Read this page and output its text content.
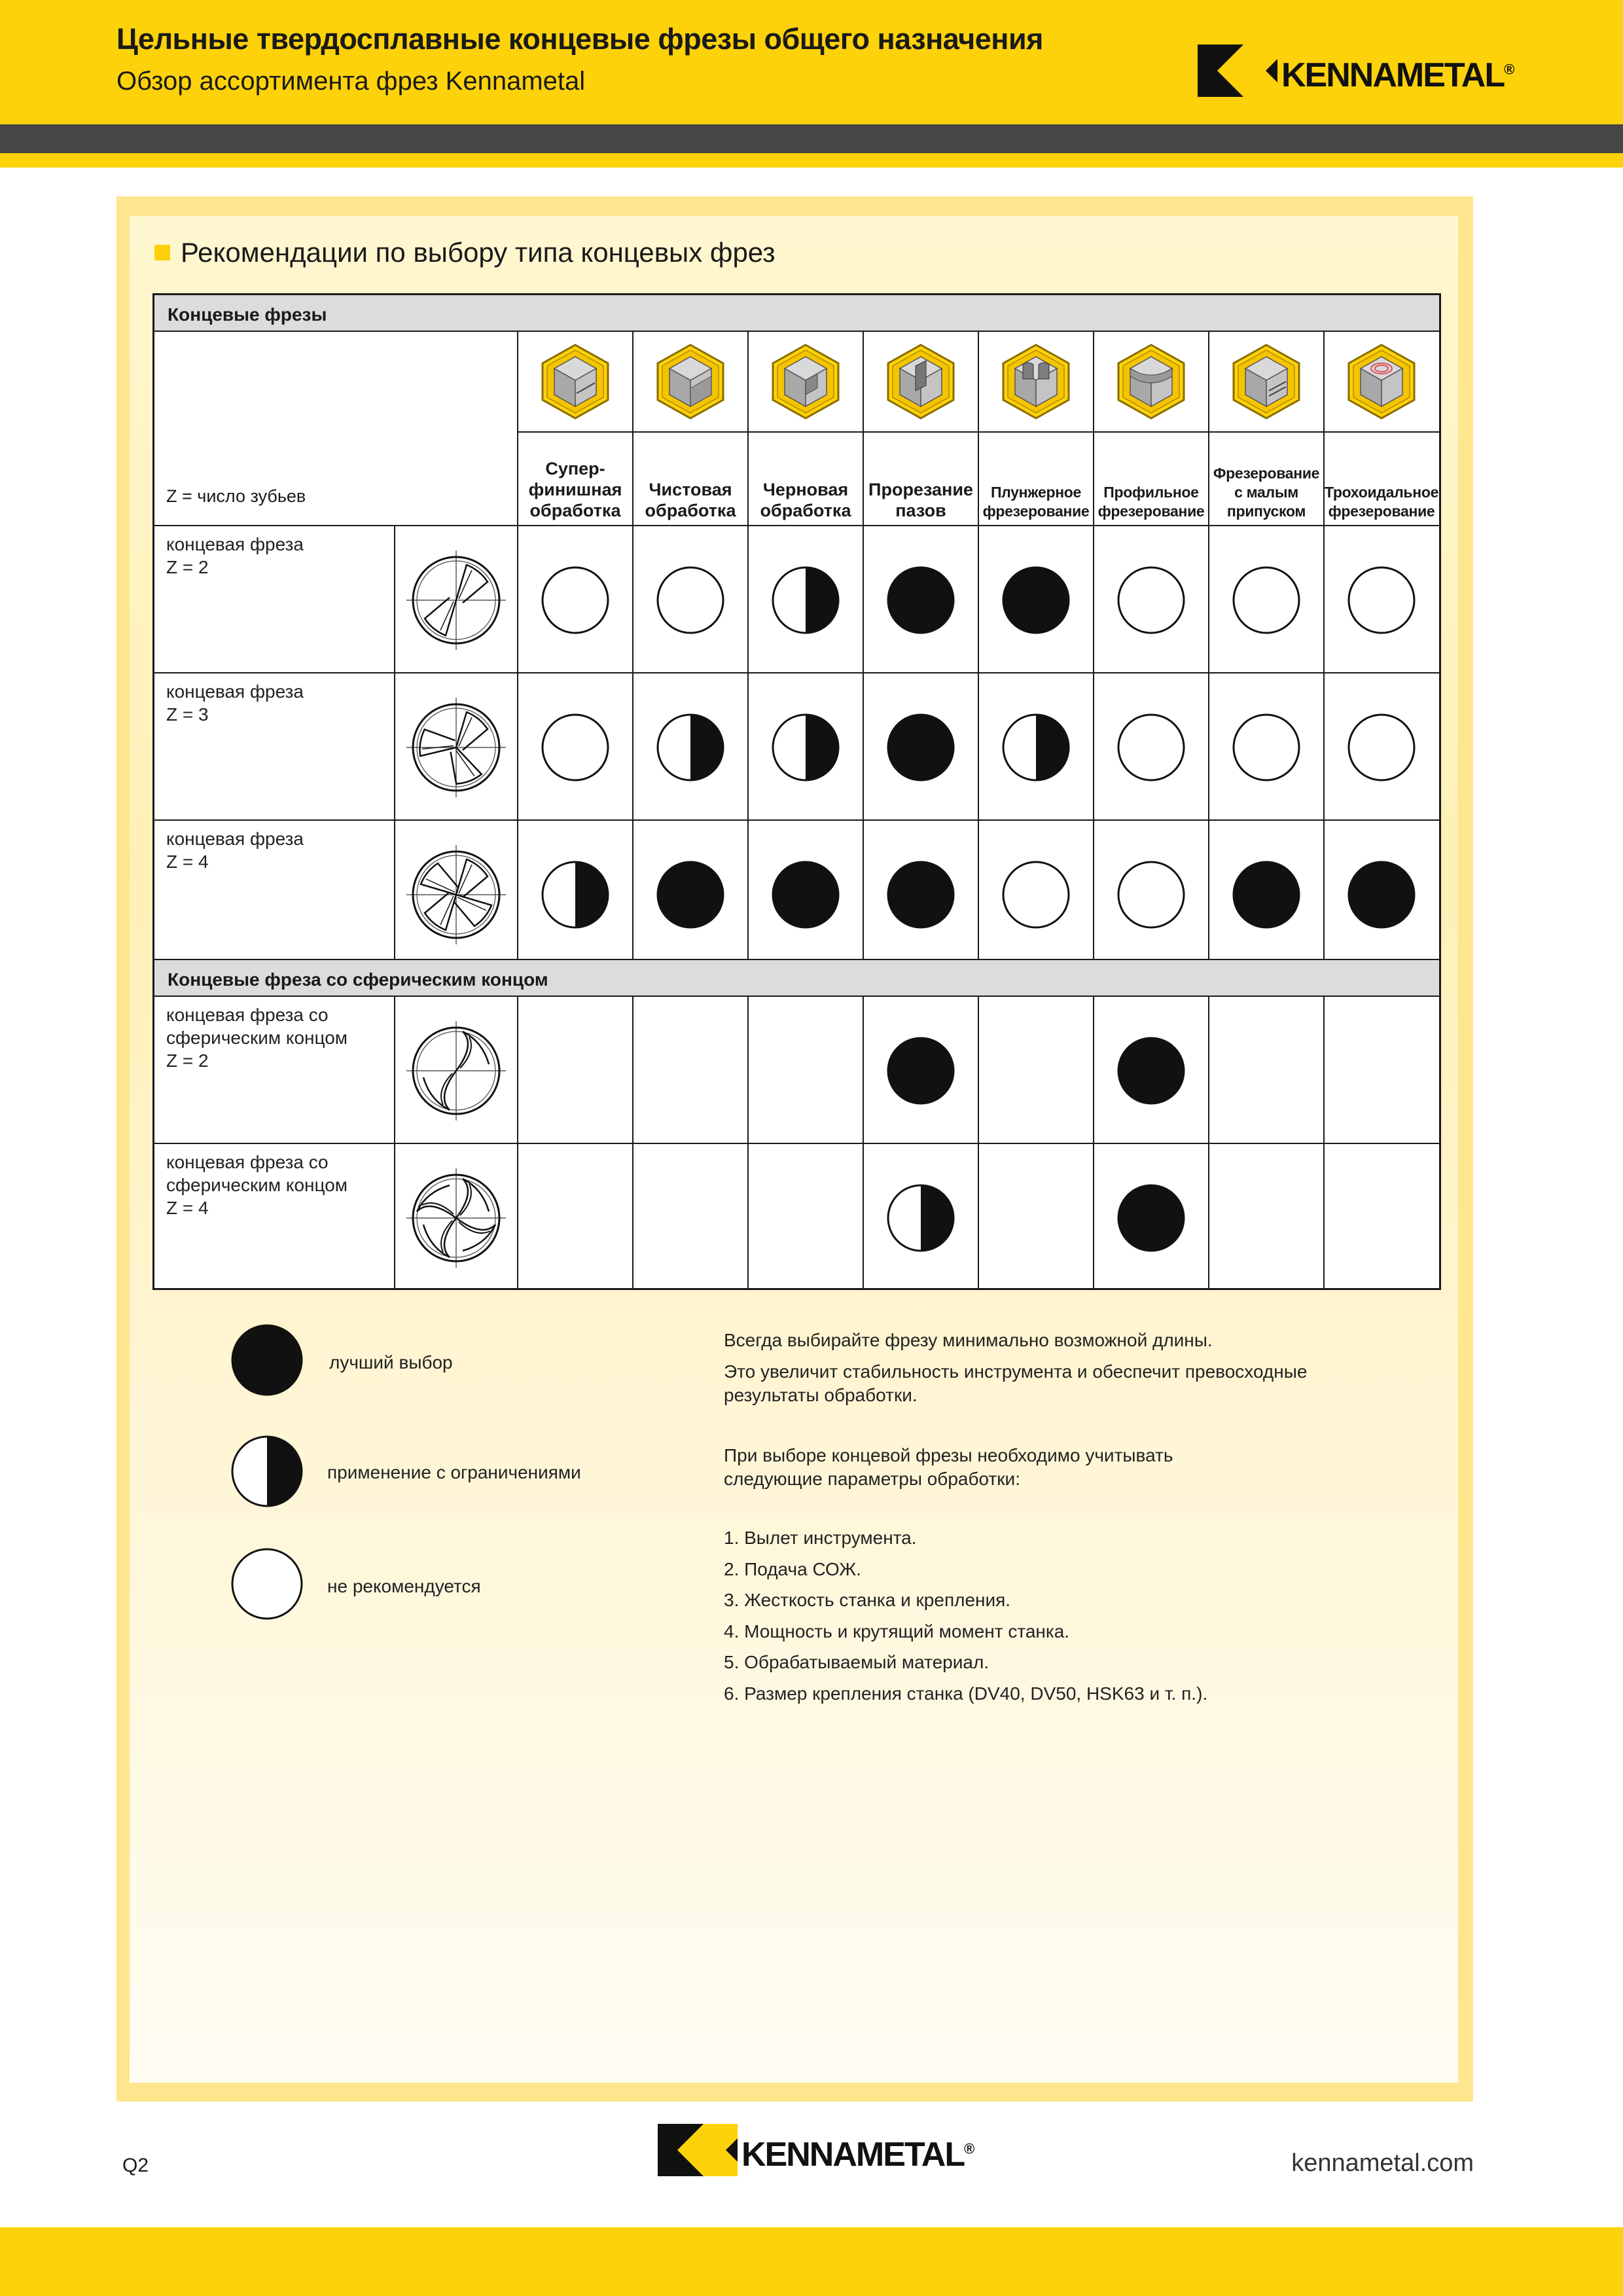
Цельные твердосплавные концевые фрезы общего назначения
Обзор ассортимента фрез Kennametal	KENNAMETAL®
Рекомендации по выбору типа концевых фрез
Концевые фрезы
Концевые фреза со сферическим концом
Z = число зубьев
Супер-
финишная
обработка
Чистовая
обработка
Черновая
обработка
Прорезание
пазов
Плунжерное
фрезерование
Профильное
фрезерование
Фрезерование
с малым
припуском
Трохоидальное
фрезерование
концевая фреза
Z = 2
концевая фреза
Z = 3
концевая фреза
Z = 4
концевая фреза со
сферическим концом
Z = 2
концевая фреза со
сферическим концом
Z = 4
лучший выбор
применение с ограничениями
не рекомендуется
Всегда выбирайте фрезу минимально возможной длины.
Это увеличит стабильность инструмента и обеспечит превосходные
результаты обработки.
При выборе концевой фрезы необходимо учитывать
следующие параметры обработки:
1. Вылет инструмента.
2. Подача СОЖ.
3. Жесткость станка и крепления.
4. Мощность и крутящий момент станка.
5. Обрабатываемый материал.
6. Размер крепления станка (DV40, DV50, HSK63 и т. п.).
Q2	KENNAMETAL®
kennametal.com
